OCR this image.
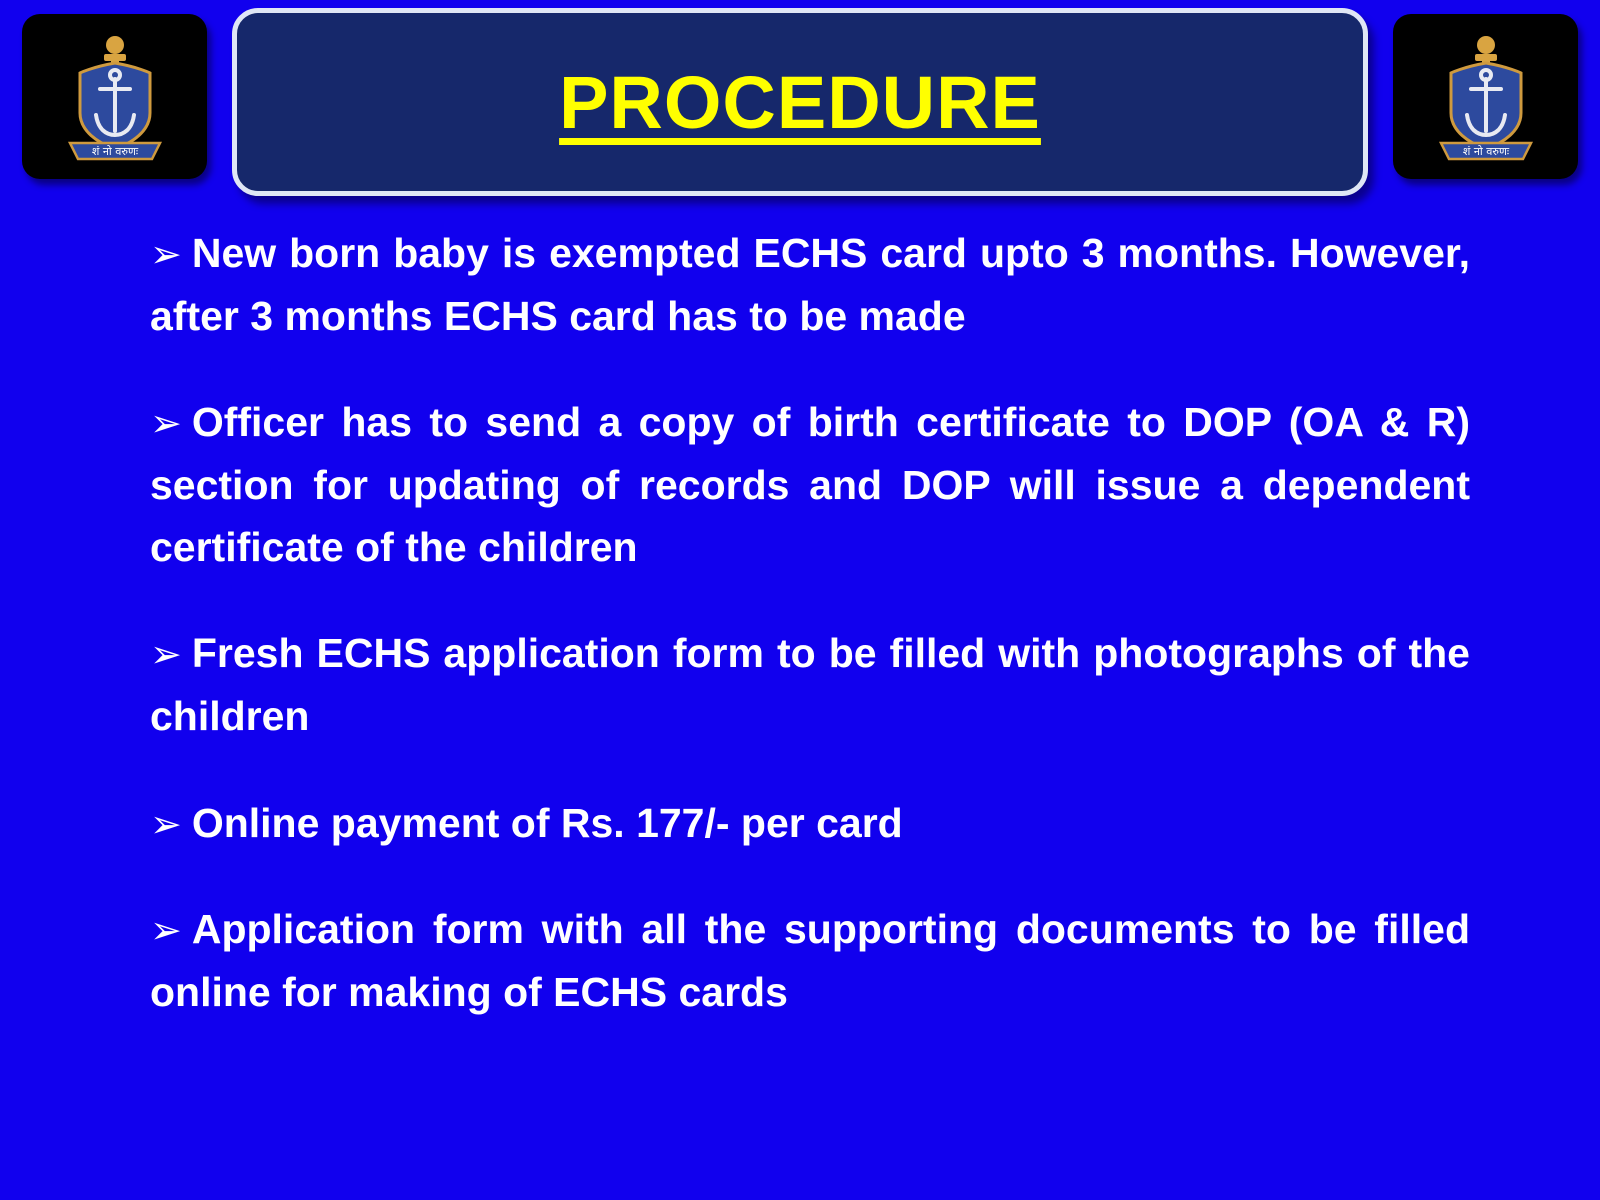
शं नो वरुणः
PROCEDURE
शं नो वरुणः
➢ New born baby is exempted ECHS card upto 3 months. However, after 3 months ECHS card has to be made
➢ Officer has to send a copy of birth certificate to DOP (OA & R) section for updating of records and DOP will issue a dependent certificate of the children
➢ Fresh ECHS application form to be filled with photographs of the children
➢ Online payment of Rs. 177/- per card
➢ Application form with all the supporting documents to be filled online for making of ECHS cards
